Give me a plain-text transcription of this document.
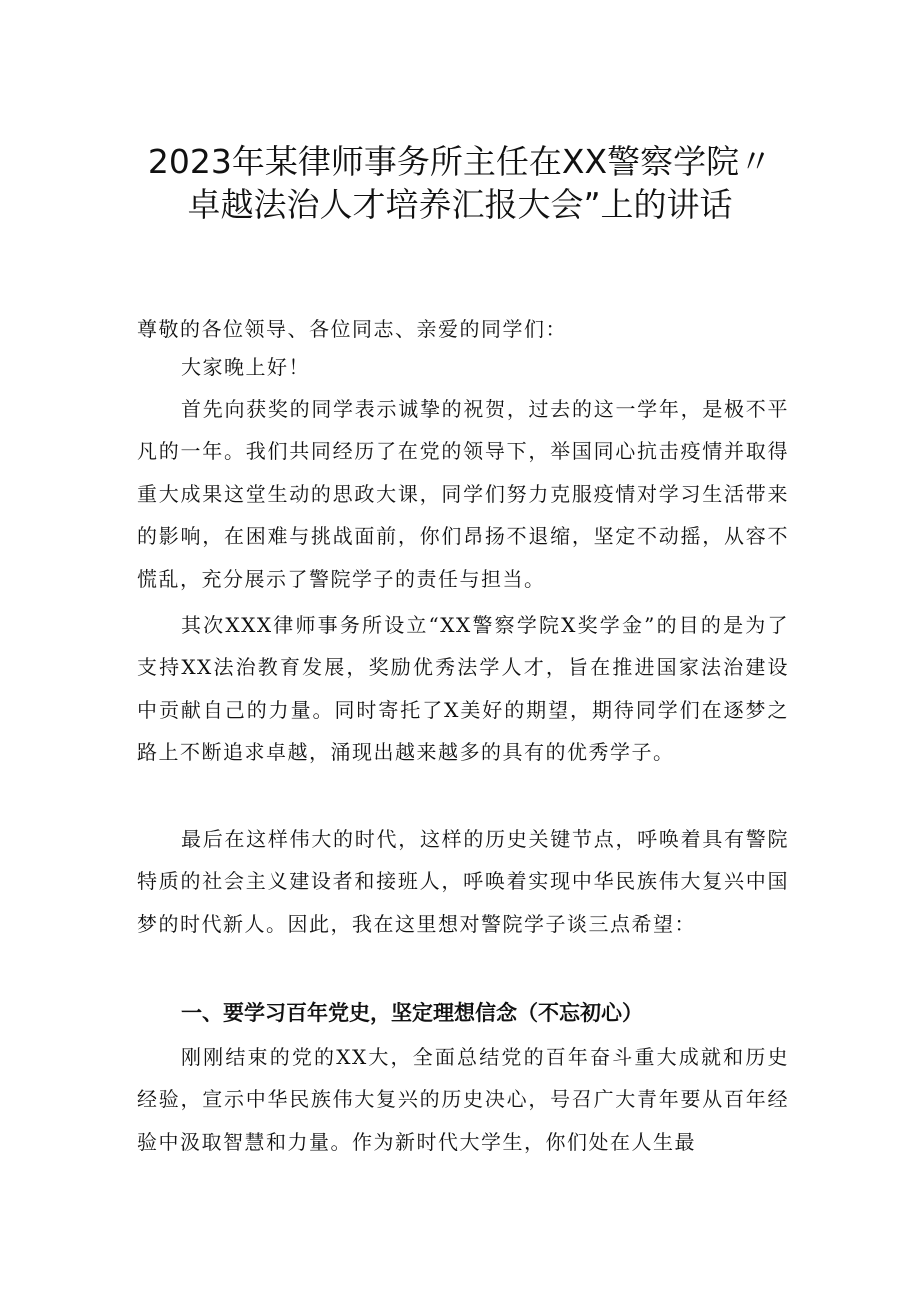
2023年某律师事务所主任在XX警察学院〃
卓越法治人才培养汇报大会”上的讲话

尊敬的各位领导、各位同志、亲爱的同学们：

大家晚上好！

首先向获奖的同学表示诚挚的祝贺，过去的这一学年，是极不平凡的一年。我们共同经历了在党的领导下，举国同心抗击疫情并取得重大成果这堂生动的思政大课，同学们努力克服疫情对学习生活带来的影响，在困难与挑战面前，你们昂扬不退缩，坚定不动摇，从容不慌乱，充分展示了警院学子的责任与担当。

其次XXX律师事务所设立“XX警察学院X奖学金”的目的是为了支持XX法治教育发展，奖励优秀法学人才，旨在推进国家法治建设中贡献自己的力量。同时寄托了X美好的期望，期待同学们在逐梦之路上不断追求卓越，涌现出越来越多的具有的优秀学子。

最后在这样伟大的时代，这样的历史关键节点，呼唤着具有警院特质的社会主义建设者和接班人，呼唤着实现中华民族伟大复兴中国梦的时代新人。因此，我在这里想对警院学子谈三点希望：

一、要学习百年党史，坚定理想信念（不忘初心）

刚刚结束的党的XX大，全面总结党的百年奋斗重大成就和历史经验，宣示中华民族伟大复兴的历史决心，号召广大青年要从百年经验中汲取智慧和力量。作为新时代大学生，你们处在人生最
